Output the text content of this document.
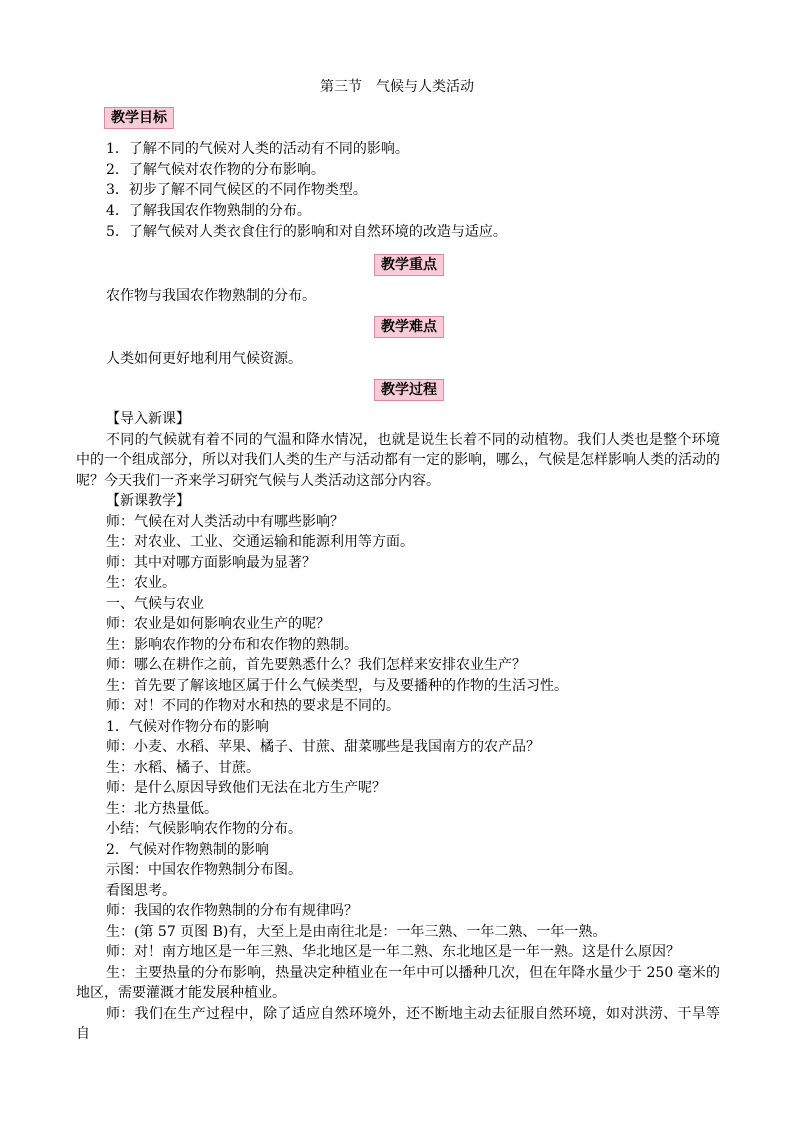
第三节　气候与人类活动
教学目标
1．了解不同的气候对人类的活动有不同的影响。
2．了解气候对农作物的分布影响。
3．初步了解不同气候区的不同作物类型。
4．了解我国农作物熟制的分布。
5．了解气候对人类衣食住行的影响和对自然环境的改造与适应。
教学重点
农作物与我国农作物熟制的分布。
教学难点
人类如何更好地利用气候资源。
教学过程

【导入新课】

不同的气候就有着不同的气温和降水情况，也就是说生长着不同的动植物。我们人类也是整个环境中的一个组成部分，所以对我们人类的生产与活动都有一定的影响，哪么，气候是怎样影响人类的活动的呢？今天我们一齐来学习研究气候与人类活动这部分内容。

【新课教学】

师：气候在对人类活动中有哪些影响？

生：对农业、工业、交通运输和能源利用等方面。

师：其中对哪方面影响最为显著？

生：农业。

一、气候与农业

师：农业是如何影响农业生产的呢？

生：影响农作物的分布和农作物的熟制。

师：哪么在耕作之前，首先要熟悉什么？我们怎样来安排农业生产？

生：首先要了解该地区属于什么气候类型，与及要播种的作物的生活习性。

师：对！不同的作物对水和热的要求是不同的。

1．气候对作物分布的影响

师：小麦、水稻、苹果、橘子、甘蔗、甜菜哪些是我国南方的农产品？

生：水稻、橘子、甘蔗。

师：是什么原因导致他们无法在北方生产呢？

生：北方热量低。

小结：气候影响农作物的分布。

2．气候对作物熟制的影响

示图：中国农作物熟制分布图。

看图思考。

师：我国的农作物熟制的分布有规律吗？

生：(第 57 页图 B)有，大至上是由南往北是：一年三熟、一年二熟、一年一熟。

师：对！南方地区是一年三熟、华北地区是一年二熟、东北地区是一年一熟。这是什么原因？

生：主要热量的分布影响，热量决定种植业在一年中可以播种几次，但在年降水量少于 250 毫米的地区，需要灌溉才能发展种植业。

师：我们在生产过程中，除了适应自然环境外，还不断地主动去征服自然环境，如对洪涝、干旱等自
